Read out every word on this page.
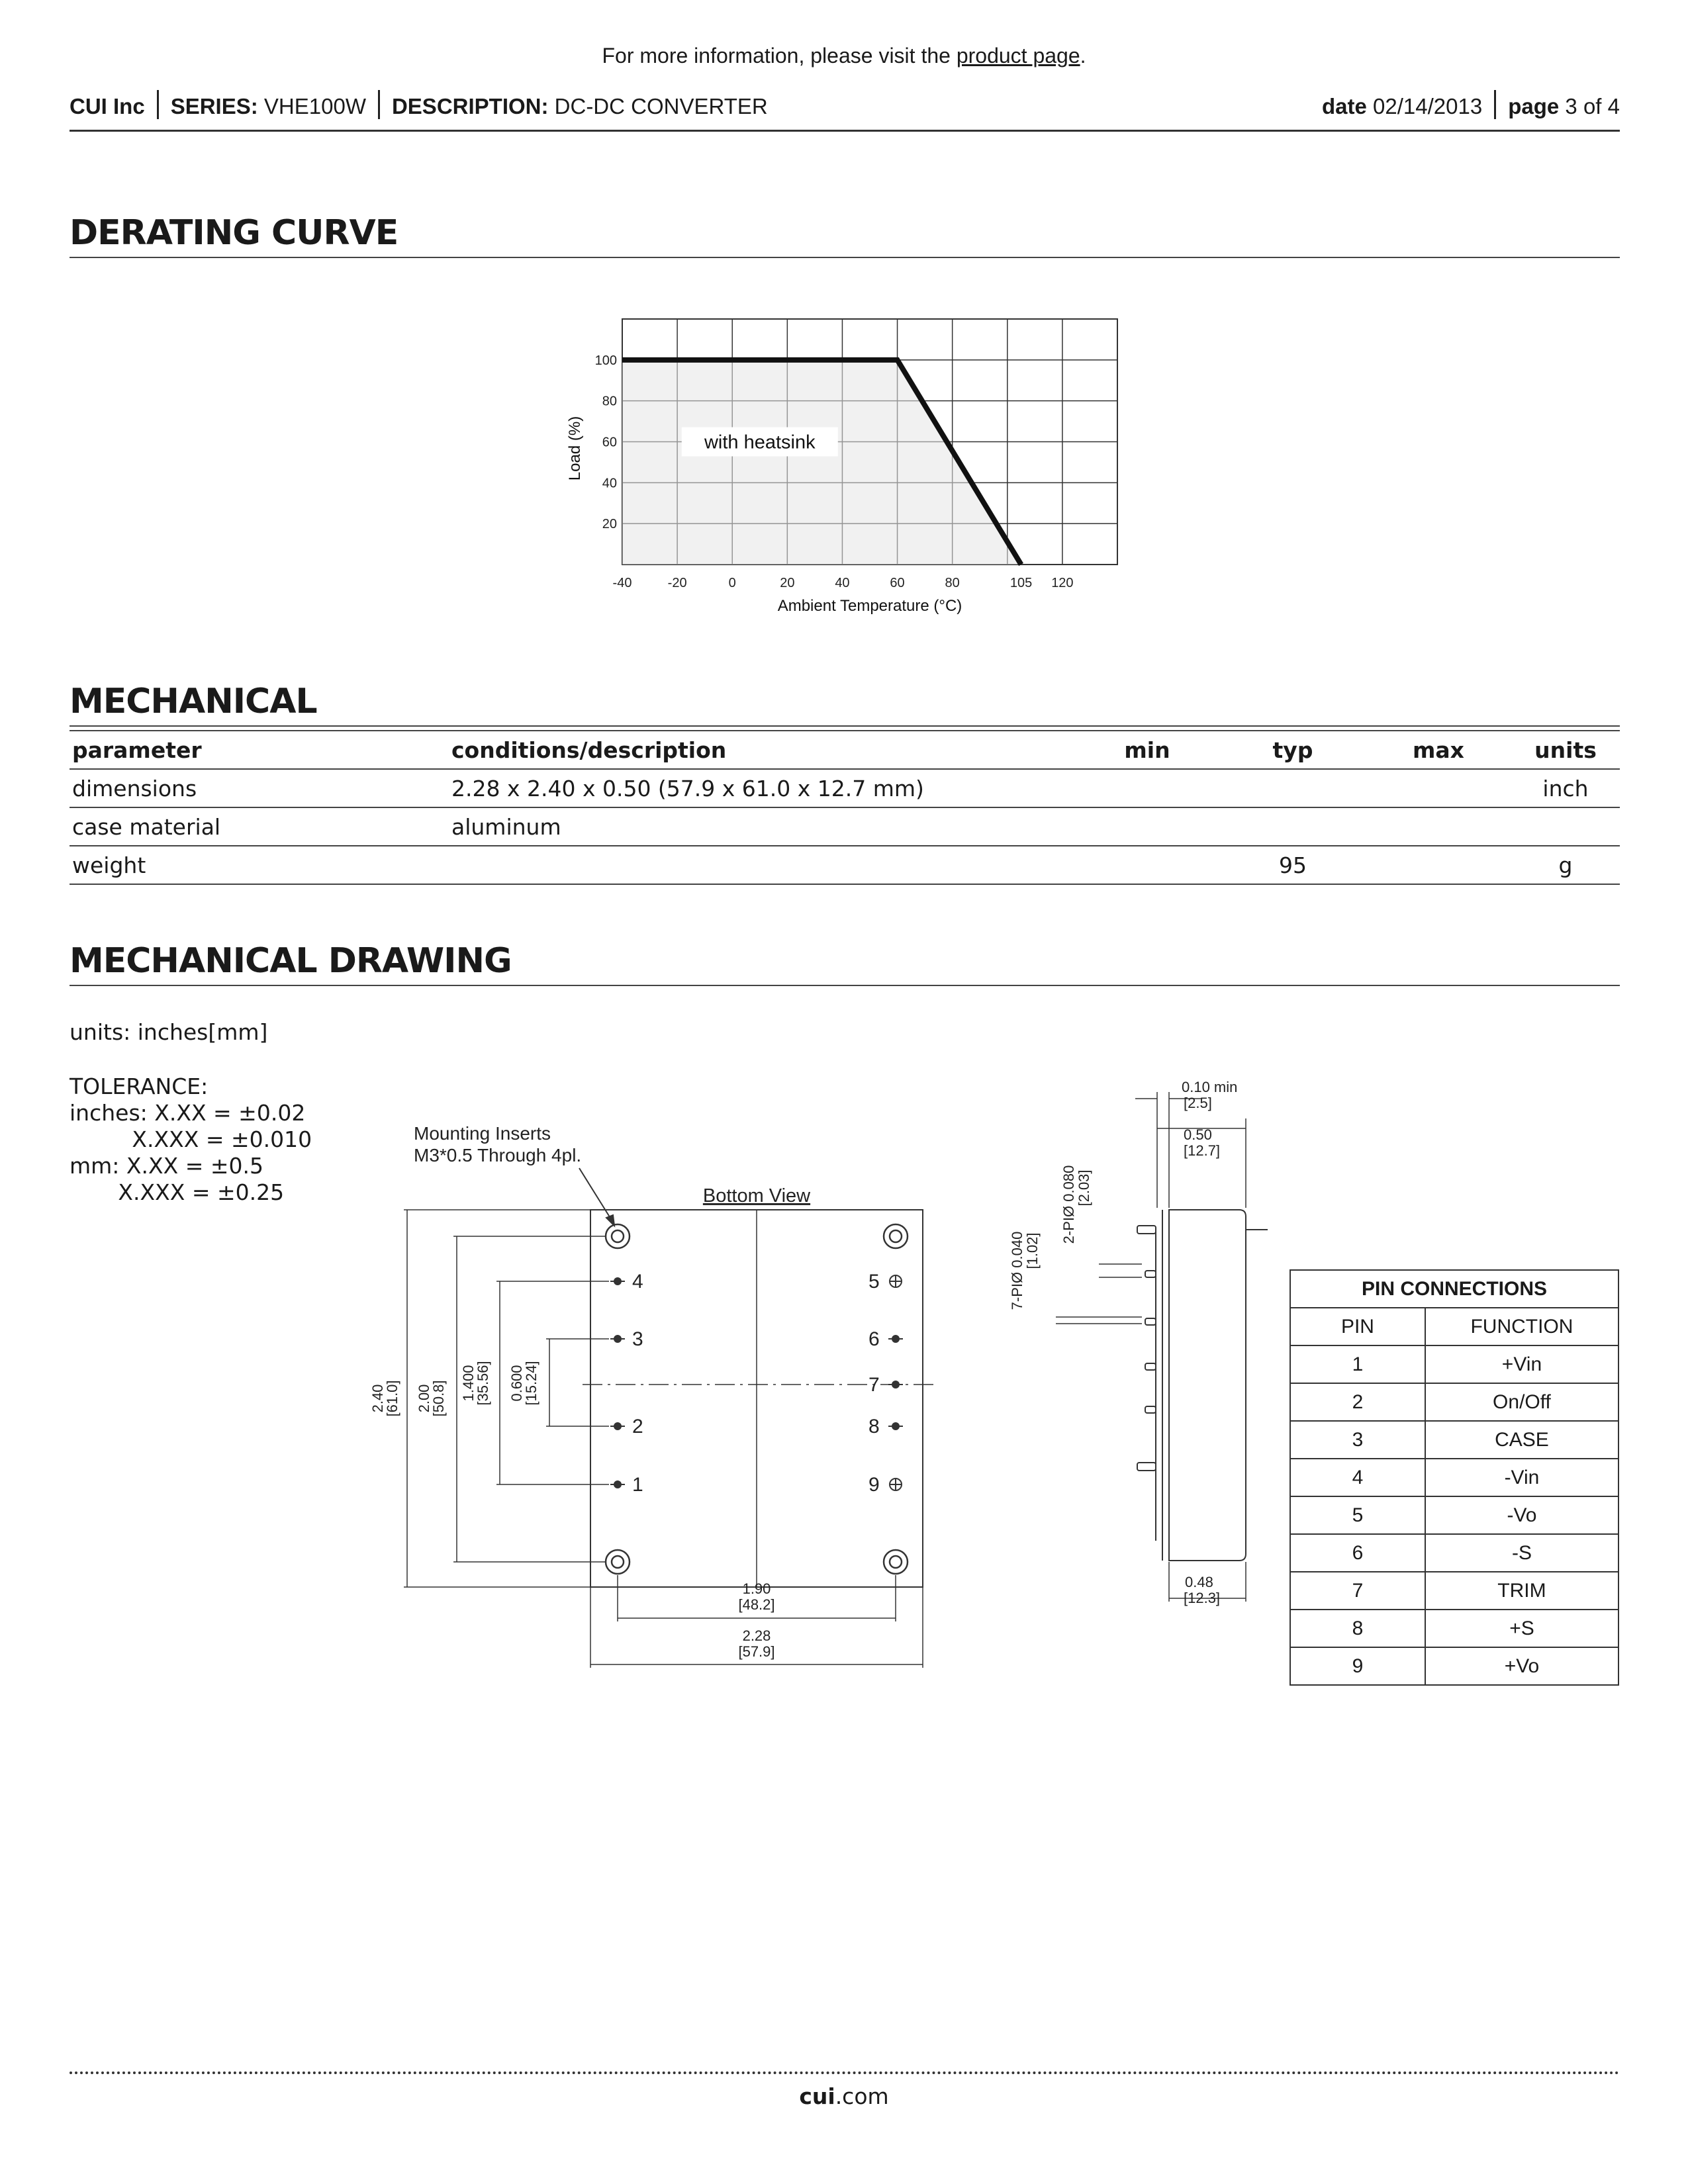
For more information, please visit the product page.
CUI Inc SERIES: VHE100W DESCRIPTION: DC-DC CONVERTER	date 02/14/2013 page 3 of 4
DERATING CURVE
-40	-20	0	20	40	60	80	105 120
100
80
60
40
20
with heatsink
Ambient Temperature (°C)
Load (%)
MECHANICAL
parameter	conditions/description	min	typ	max	units
dimensions	2.28 x 2.40 x 0.50 (57.9 x 61.0 x 12.7 mm)				inch
case material	aluminum				
weight			95		g
MECHANICAL DRAWING
units: inches[mm]
TOLERANCE:
inches: X.XX = ±0.02
X.XXX = ±0.010
mm: X.XX = ±0.5
X.XXX = ±0.25
4
3
2
1
5
6
7
8
9
Bottom View
Mounting Inserts
M3*0.5 Through 4pl.
2.40
[61.0] 2.00
[50.8] 1.400
[35.56] 0.600
[15.24]
1.90
[48.2]
2.28
[57.9]
0.10 min
[2.5]
0.50
[12.7]
0.48
[12.3]
7-PIØ 0.040
[1.02]
2-PIØ 0.080
[2.03]
PIN CONNECTIONS	
PIN	FUNCTION
1	+Vin
2	On/Off
3	CASE
4	-Vin
5	-Vo
6	-S
7	TRIM
8	+S
9	+Vo
cui.com
